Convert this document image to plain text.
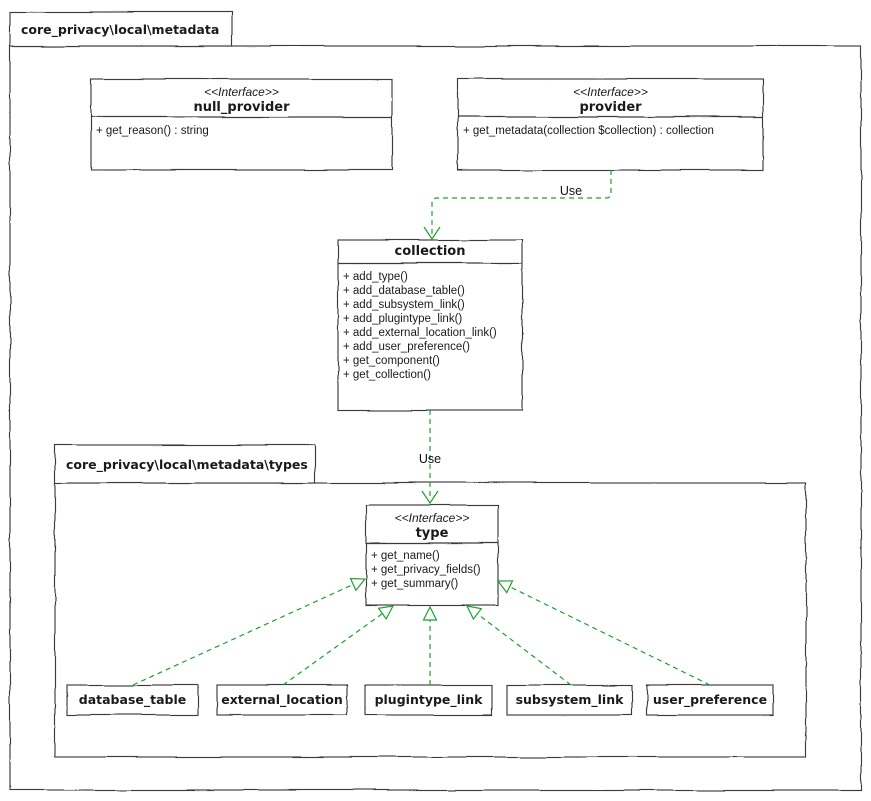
core_privacy\local\metadata
core_privacy\local\metadata\types
<<Interface>>
null_provider
+ get_reason() : string
<<Interface>>
provider
+ get_metadata(collection $collection) : collection
collection
+ add_type()
+ add_database_table()
+ add_subsystem_link()
+ add_plugintype_link()
+ add_external_location_link()
+ add_user_preference()
+ get_component()
+ get_collection()
<<Interface>>
type
+ get_name()
+ get_privacy_fields()
+ get_summary()
database_table	external_location	plugintype_link	subsystem_link	user_preference
Use
Use
